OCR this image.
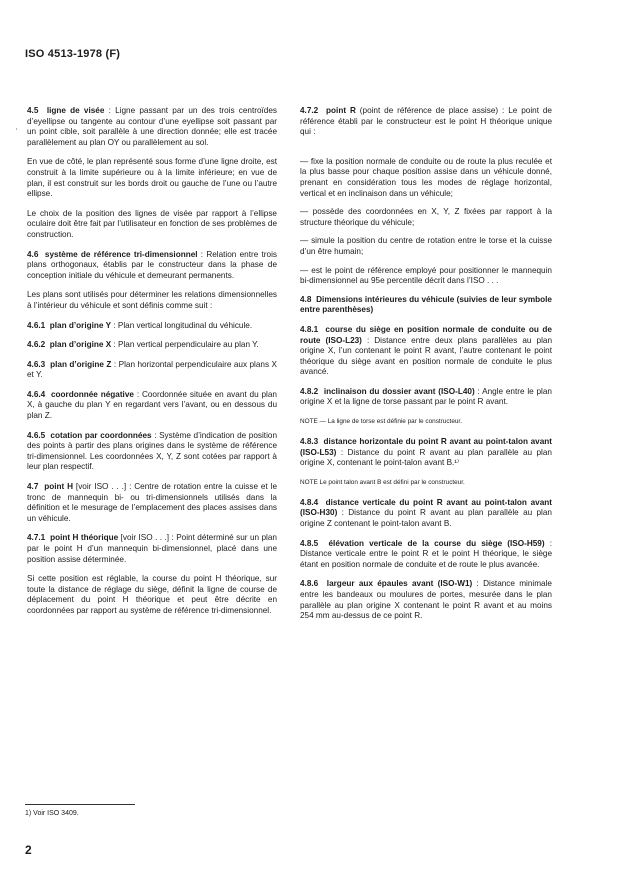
ISO 4513-1978 (F)
‘

4.5 ligne de visée : Ligne passant par un des trois centroïdes d’eyellipse ou tangente au contour d’une eyellipse soit passant par un point cible, soit parallèle à une direction donnée; elle est tracée parallèlement au plan OY ou parallèlement au sol.

En vue de côté, le plan représenté sous forme d’une ligne droite, est construit à la limite supérieure ou à la limite inférieure; en vue de plan, il est construit sur les bords droit ou gauche de l’une ou l’autre ellipse.

Le choix de la position des lignes de visée par rapport à l’ellipse oculaire doit être fait par l’utilisateur en fonction de ses problèmes de construction.

4.6 système de référence tri-dimensionnel : Relation entre trois plans orthogonaux, établis par le constructeur dans la phase de conception initiale du véhicule et demeurant permanents.

Les plans sont utilisés pour déterminer les relations dimensionnelles à l’intérieur du véhicule et sont définis comme suit :

4.6.1 plan d’origine Y : Plan vertical longitudinal du véhicule.

4.6.2 plan d’origine X : Plan vertical perpendiculaire au plan Y.

4.6.3 plan d’origine Z : Plan horizontal perpendiculaire aux plans X et Y.

4.6.4 coordonnée négative : Coordonnée située en avant du plan X, à gauche du plan Y en regardant vers l’avant, ou en dessous du plan Z.

4.6.5 cotation par coordonnées : Système d’indication de position des points à partir des plans origines dans le système de référence tri-dimensionnel. Les coordonnées X, Y, Z sont cotées par rapport à leur plan respectif.

4.7 point H [voir ISO . . .] : Centre de rotation entre la cuisse et le tronc de mannequin bi- ou tri-dimensionnels utilisés dans la définition et le mesurage de l’emplacement des places assises dans un véhicule.

4.7.1 point H théorique [voir ISO . . .] : Point déterminé sur un plan par le point H d’un mannequin bi-dimensionnel, placé dans une position assise déterminée.

Si cette position est réglable, la course du point H théorique, sur toute la distance de réglage du siège, définit la ligne de course de déplacement du point H théorique et peut être décrite en coordonnées par rapport au système de référence tri-dimensionnel.

4.7.2 point R (point de référence de place assise) : Le point de référence établi par le constructeur est le point H théorique unique qui :

— fixe la position normale de conduite ou de route la plus reculée et la plus basse pour chaque position assise dans un véhicule donné, prenant en considération tous les modes de réglage horizontal, vertical et en inclinaison dans un véhicule;

— possède des coordonnées en X, Y, Z fixées par rapport à la structure théorique du véhicule;

— simule la position du centre de rotation entre le torse et la cuisse d’un être humain;

— est le point de référence employé pour positionner le mannequin bi-dimensionnel au 95e percentile décrit dans l’ISO . . .

4.8 Dimensions intérieures du véhicule (suivies de leur symbole entre parenthèses)

4.8.1 course du siège en position normale de conduite ou de route (ISO-L23) : Distance entre deux plans parallèles au plan origine X, l’un contenant le point R avant, l’autre contenant le point théorique du siège avant en position normale de conduite le plus avancé.

4.8.2 inclinaison du dossier avant (ISO-L40) : Angle entre le plan origine X et la ligne de torse passant par le point R avant.

NOTE — La ligne de torse est définie par le constructeur.

4.8.3 distance horizontale du point R avant au point-talon avant (ISO-L53) : Distance du point R avant au plan parallèle au plan origine X, contenant le point-talon avant B.¹⁾

NOTE Le point talon avant B est défini par le constructeur.

4.8.4 distance verticale du point R avant au point-talon avant (ISO-H30) : Distance du point R avant au plan parallèle au plan origine Z contenant le point-talon avant B.

4.8.5 élévation verticale de la course du siège (ISO-H59) : Distance verticale entre le point R et le point H théorique, le siège étant en position normale de conduite et de route le plus avancée.

4.8.6 largeur aux épaules avant (ISO-W1) : Distance minimale entre les bandeaux ou moulures de portes, mesurée dans le plan parallèle au plan origine X contenant le point R avant et au moins 254 mm au-dessus de ce point R.

1) Voir ISO 3409.
2
